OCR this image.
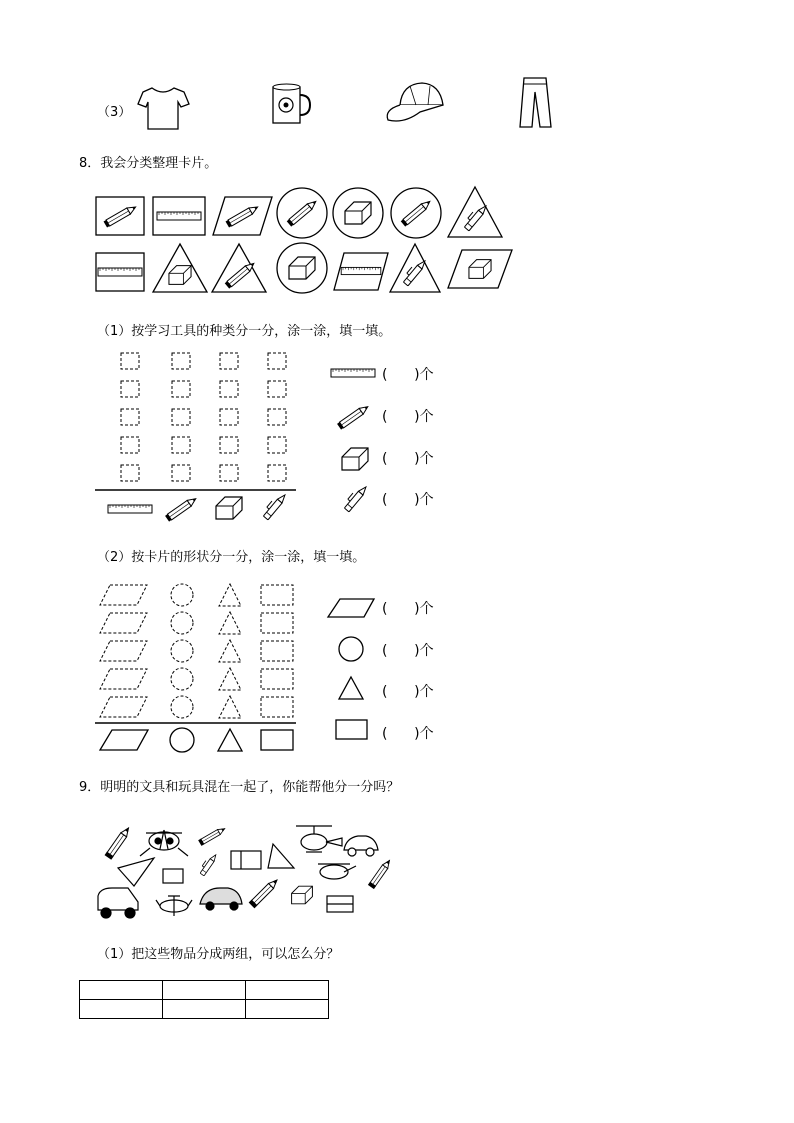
（3）
8．我会分类整理卡片。
（1）按学习工具的种类分一分，涂一涂，填一填。
(      )个
(      )个
(      )个
(      )个
（2）按卡片的形状分一分，涂一涂，填一填。
(      )个
(      )个
(      )个
(      )个
9．明明的文具和玩具混在一起了，你能帮他分一分吗？
（1）把这些物品分成两组，可以怎么分？
